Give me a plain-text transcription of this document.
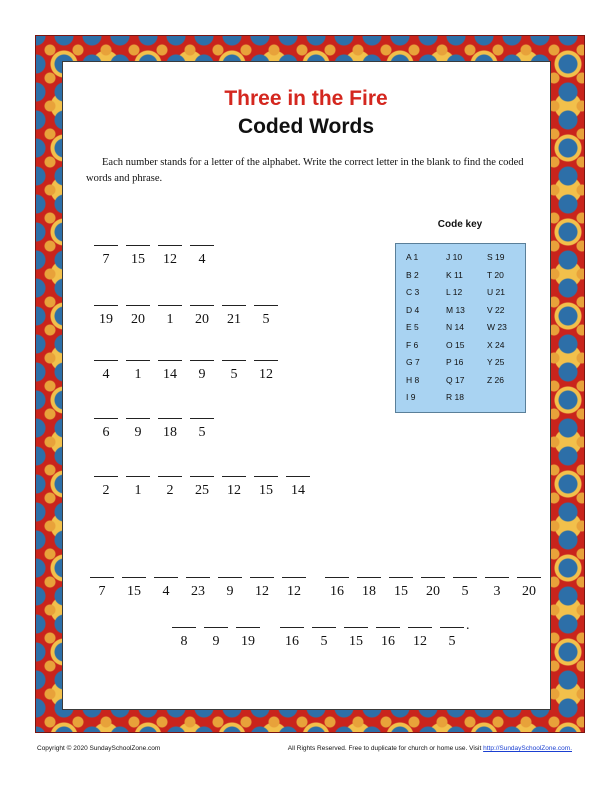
Three in the Fire
Coded Words
Each number stands for a letter of the alphabet. Write the correct letter in the blank to find the coded words and phrase.
Code key
A 1
B 2
C 3
D 4
E 5
F 6
G 7
H 8
I 9
J 10
K 11
L 12
M 13
N 14
O 15
P 16
Q 17
R 18
S 19
T 20
U 21
V 22
W 23
X 24
Y 25
Z 26
7	15	12	4
19	20	1	20	21	5
4	1	14	9	5	12
6	9	18	5
2	1	2	25	12	15	14
7	15	4	23	9	12	12	16	18	15	20	5	3	20
8	9	19	16	5	15	16	12	5
.
Copyright © 2020 SundaySchoolZone.com	All Rights Reserved. Free to duplicate for church or home use. Visit http://SundaySchoolZone.com.
